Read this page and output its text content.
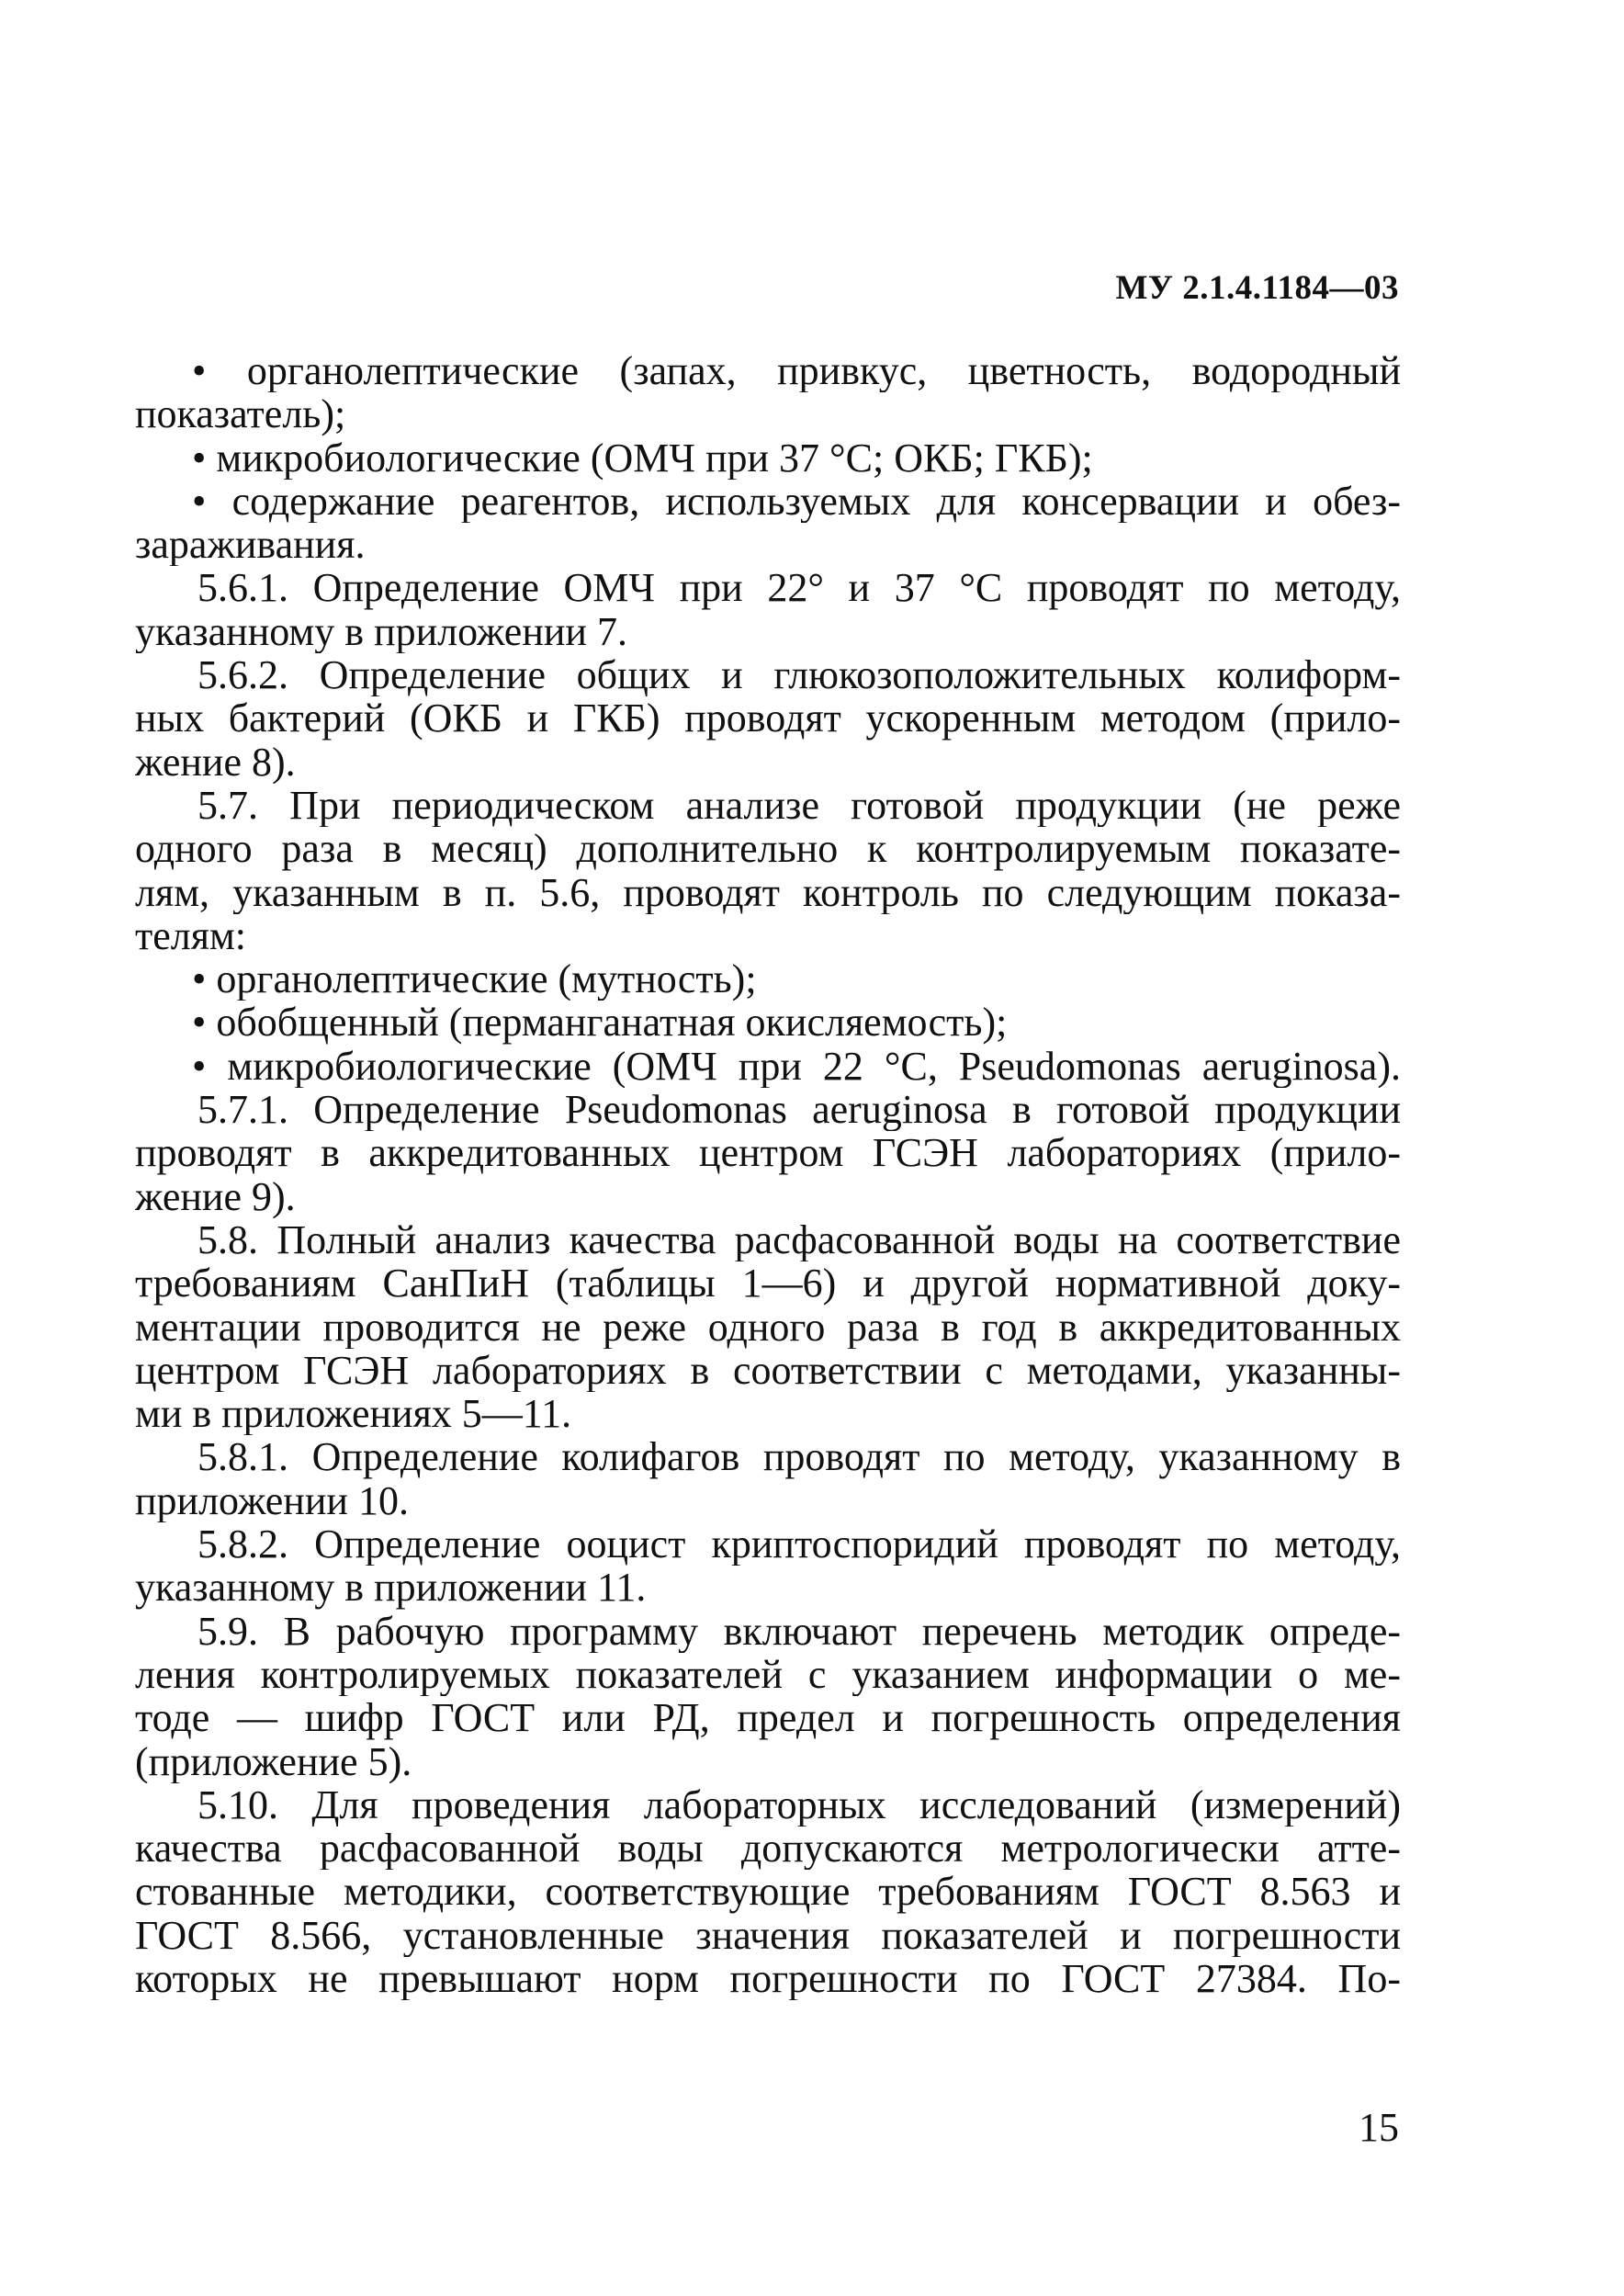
МУ 2.1.4.1184—03
• органолептические (запах, привкус, цветность, водородный
показатель);
• микробиологические (ОМЧ при 37 °С; ОКБ; ГКБ);
• содержание реагентов, используемых для консервации и обез-
зараживания.
5.6.1. Определение ОМЧ при 22° и 37 °С проводят по методу,
указанному в приложении 7.
5.6.2. Определение общих и глюкозоположительных колиформ-
ных бактерий (ОКБ и ГКБ) проводят ускоренным методом (прило-
жение 8).
5.7. При периодическом анализе готовой продукции (не реже
одного раза в месяц) дополнительно к контролируемым показате-
лям, указанным в п. 5.6, проводят контроль по следующим показа-
телям:
• органолептические (мутность);
• обобщенный (перманганатная окисляемость);
• микробиологические (ОМЧ при 22 °С, Pseudomonas aeruginosa).
5.7.1. Определение Pseudomonas aeruginosa в готовой продукции
проводят в аккредитованных центром ГСЭН лабораториях (прило-
жение 9).
5.8. Полный анализ качества расфасованной воды на соответствие
требованиям СанПиН (таблицы 1—6) и другой нормативной доку-
ментации проводится не реже одного раза в год в аккредитованных
центром ГСЭН лабораториях в соответствии с методами, указанны-
ми в приложениях 5—11.
5.8.1. Определение колифагов проводят по методу, указанному в
приложении 10.
5.8.2. Определение ооцист криптоспоридий проводят по методу,
указанному в приложении 11.
5.9. В рабочую программу включают перечень методик опреде-
ления контролируемых показателей с указанием информации о ме-
тоде — шифр ГОСТ или РД, предел и погрешность определения
(приложение 5).
5.10. Для проведения лабораторных исследований (измерений)
качества расфасованной воды допускаются метрологически атте-
стованные методики, соответствующие требованиям ГОСТ 8.563 и
ГОСТ 8.566, установленные значения показателей и погрешности
которых не превышают норм погрешности по ГОСТ 27384. По-
15
